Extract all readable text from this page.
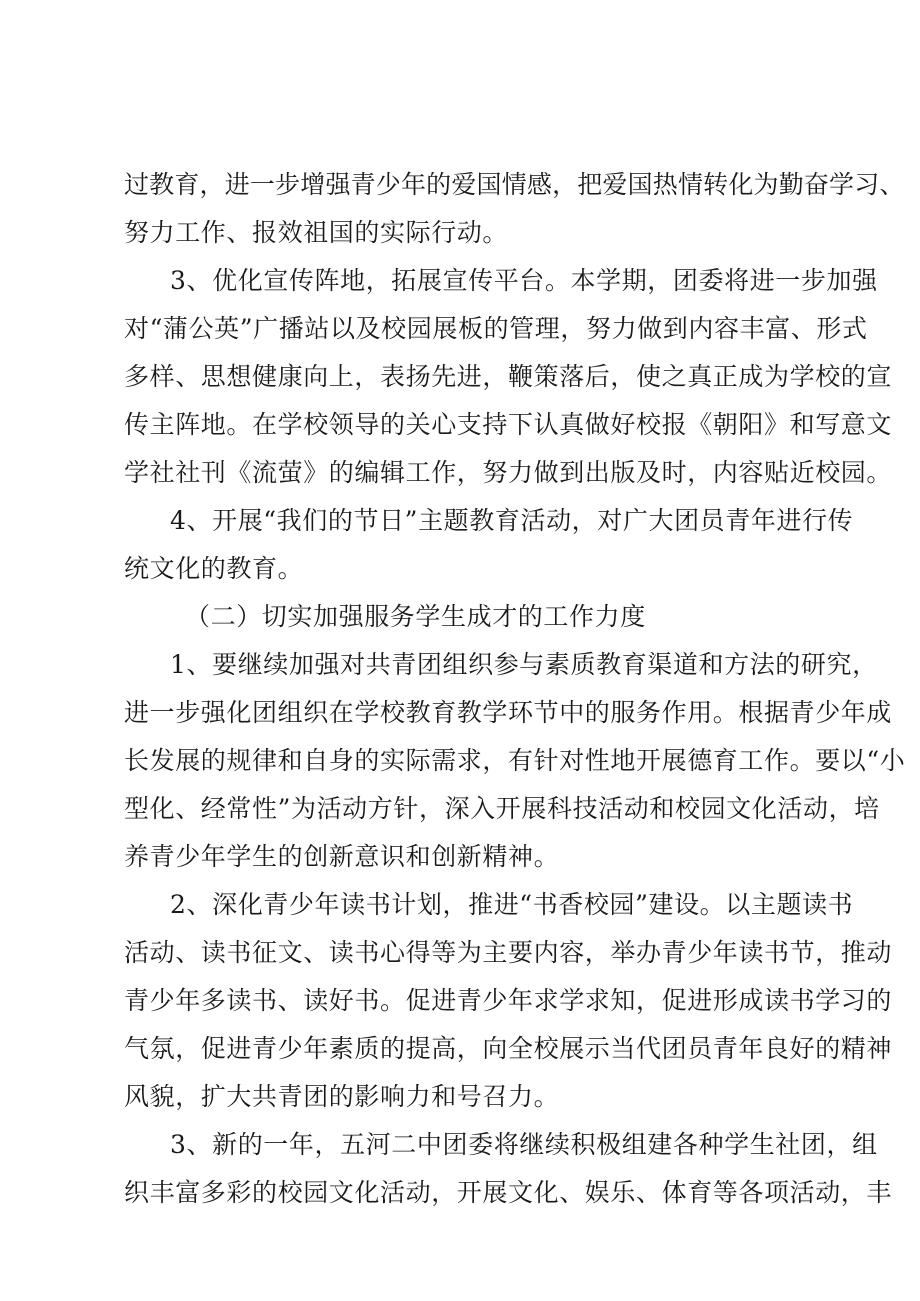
过教育，进一步增强青少年的爱国情感，把爱国热情转化为勤奋学习、
努力工作、报效祖国的实际行动。
3、优化宣传阵地，拓展宣传平台。本学期，团委将进一步加强
对“蒲公英”广播站以及校园展板的管理，努力做到内容丰富、形式
多样、思想健康向上，表扬先进，鞭策落后，使之真正成为学校的宣
传主阵地。在学校领导的关心支持下认真做好校报《朝阳》和写意文
学社社刊《流萤》的编辑工作，努力做到出版及时，内容贴近校园。
4、开展“我们的节日”主题教育活动，对广大团员青年进行传
统文化的教育。
（二）切实加强服务学生成才的工作力度
1、要继续加强对共青团组织参与素质教育渠道和方法的研究，
进一步强化团组织在学校教育教学环节中的服务作用。根据青少年成
长发展的规律和自身的实际需求，有针对性地开展德育工作。要以“小
型化、经常性”为活动方针，深入开展科技活动和校园文化活动，培
养青少年学生的创新意识和创新精神。
2、深化青少年读书计划，推进“书香校园”建设。以主题读书
活动、读书征文、读书心得等为主要内容，举办青少年读书节，推动
青少年多读书、读好书。促进青少年求学求知，促进形成读书学习的
气氛，促进青少年素质的提高，向全校展示当代团员青年良好的精神
风貌，扩大共青团的影响力和号召力。
3、新的一年，五河二中团委将继续积极组建各种学生社团，组
织丰富多彩的校园文化活动，开展文化、娱乐、体育等各项活动，丰
